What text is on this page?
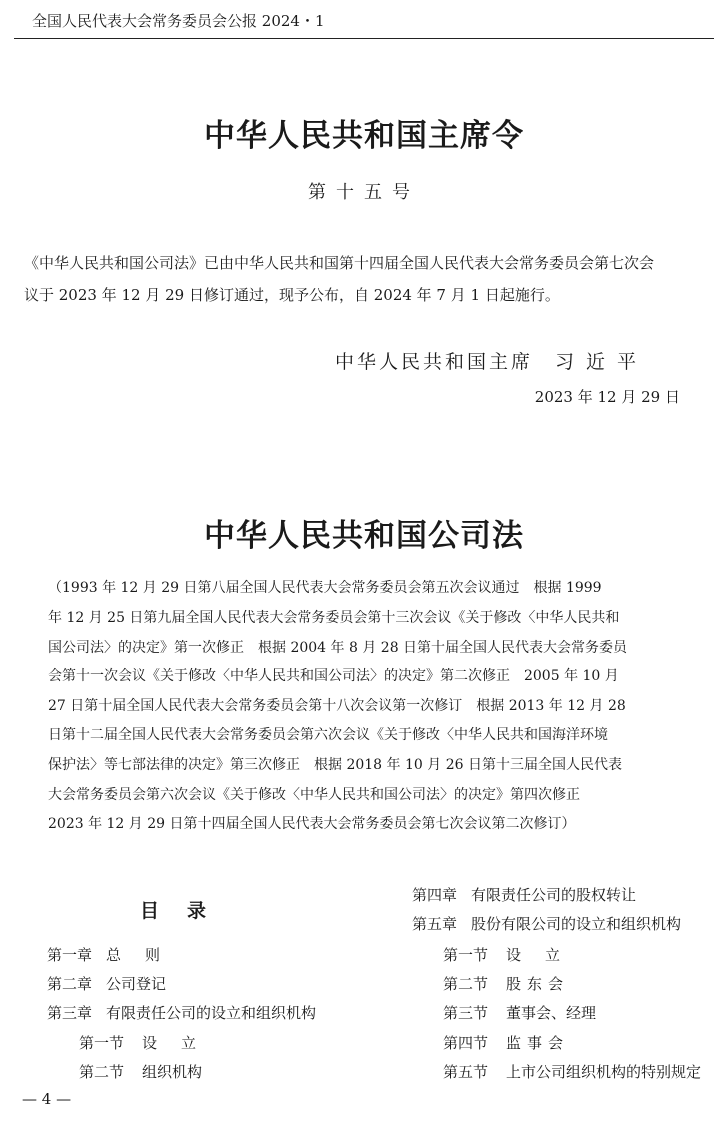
全国人民代表大会常务委员会公报 2024・1
中华人民共和国主席令
第十五号
《中华人民共和国公司法》已由中华人民共和国第十四届全国人民代表大会常务委员会第七次会
议于 2023 年 12 月 29 日修订通过，现予公布，自 2024 年 7 月 1 日起施行。
中华人民共和国主席 习近平
2023 年 12 月 29 日
中华人民共和国公司法
（1993 年 12 月 29 日第八届全国人民代表大会常务委员会第五次会议通过　根据 1999
年 12 月 25 日第九届全国人民代表大会常务委员会第十三次会议《关于修改〈中华人民共和
国公司法〉的决定》第一次修正　根据 2004 年 8 月 28 日第十届全国人民代表大会常务委员
会第十一次会议《关于修改〈中华人民共和国公司法〉的决定》第二次修正　2005 年 10 月
27 日第十届全国人民代表大会常务委员会第十八次会议第一次修订　根据 2013 年 12 月 28
日第十二届全国人民代表大会常务委员会第六次会议《关于修改〈中华人民共和国海洋环境
保护法〉等七部法律的决定》第三次修正　根据 2018 年 10 月 26 日第十三届全国人民代表
大会常务委员会第六次会议《关于修改〈中华人民共和国公司法〉的决定》第四次修正
2023 年 12 月 29 日第十四届全国人民代表大会常务委员会第七次会议第二次修订）
目录
第一章 总则
第二章 公司登记
第三章 有限责任公司的设立和组织机构
第一节 设立
第二节 组织机构
第四章 有限责任公司的股权转让
第五章 股份有限公司的设立和组织机构
第一节 设立
第二节 股东会
第三节 董事会、经理
第四节 监事会
第五节 上市公司组织机构的特别规定
— 4 —
